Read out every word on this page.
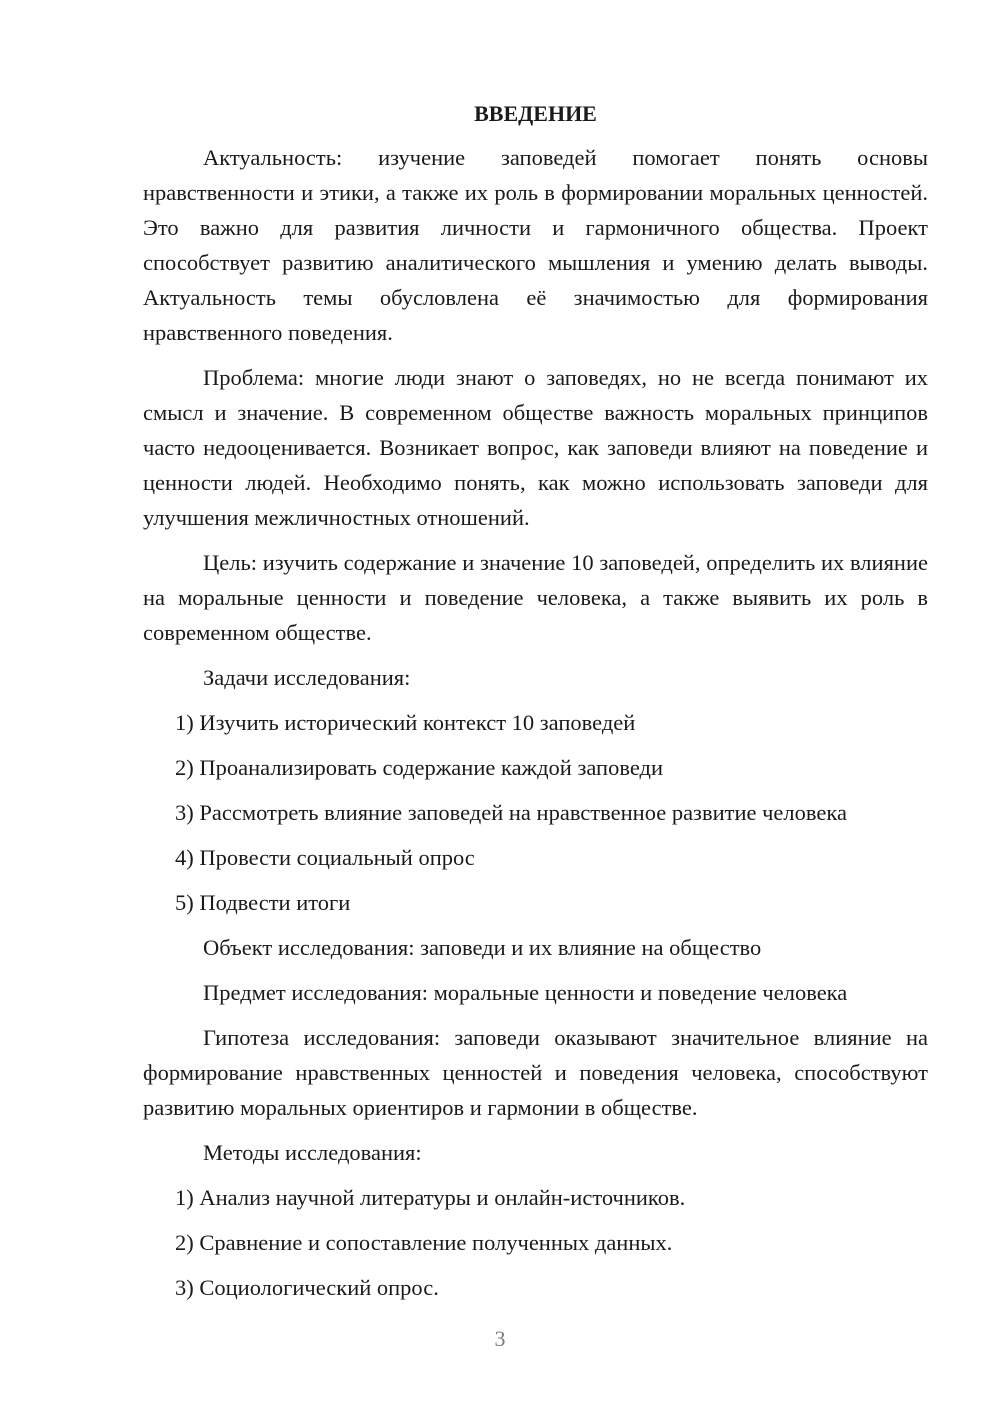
ВВЕДЕНИЕ

Актуальность: изучение заповедей помогает понять основы нравственности и этики, а также их роль в формировании моральных ценностей. Это важно для развития личности и гармоничного общества. Проект способствует развитию аналитического мышления и умению делать выводы. Актуальность темы обусловлена её значимостью для формирования нравственного поведения.

Проблема: многие люди знают о заповедях, но не всегда понимают их смысл и значение. В современном обществе важность моральных принципов часто недооценивается. Возникает вопрос, как заповеди влияют на поведение и ценности людей. Необходимо понять, как можно использовать заповеди для улучшения межличностных отношений.

Цель: изучить содержание и значение 10 заповедей, определить их влияние на моральные ценности и поведение человека, а также выявить их роль в современном обществе.

Задачи исследования:

1) Изучить исторический контекст 10 заповедей

2) Проанализировать содержание каждой заповеди

3) Рассмотреть влияние заповедей на нравственное развитие человека

4) Провести социальный опрос

5) Подвести итоги

Объект исследования: заповеди и их влияние на общество

Предмет исследования: моральные ценности и поведение человека

Гипотеза исследования: заповеди оказывают значительное влияние на формирование нравственных ценностей и поведения человека, способствуют развитию моральных ориентиров и гармонии в обществе.

Методы исследования:

1) Анализ научной литературы и онлайн-источников.

2) Сравнение и сопоставление полученных данных.

3) Социологический опрос.

3
